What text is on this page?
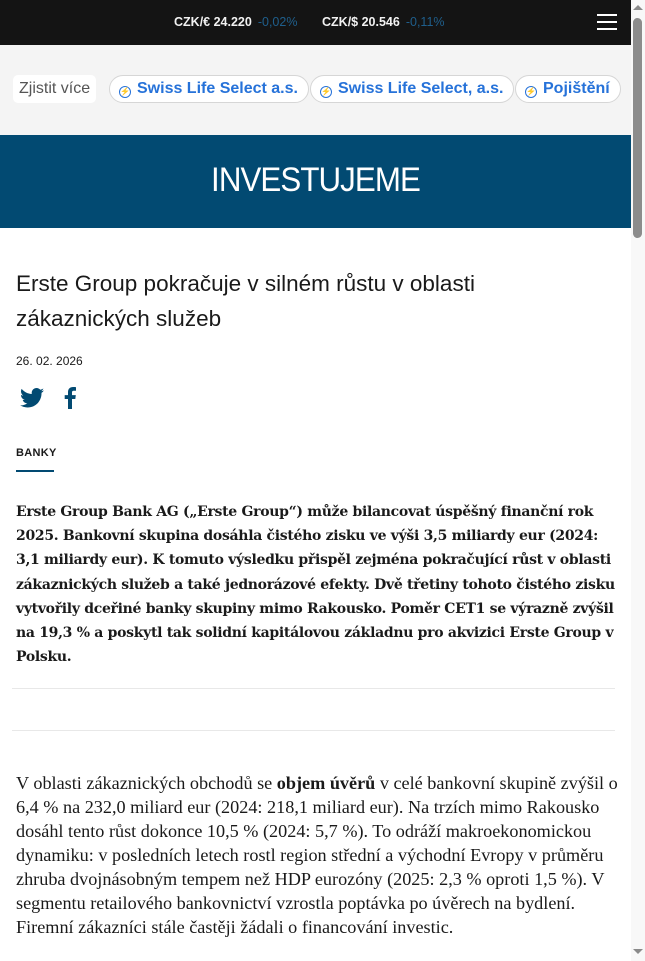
CZK/€ 24.220 -0,02% CZK/$ 20.546 -0,11%
Zjistit více	⚡ Swiss Life Select a.s.	⚡ Swiss Life Select, a.s.	⚡ Pojištění
INVESTUJEME
Erste Group pokračuje v silném růstu v oblasti zákaznických služeb
26. 02. 2026
BANKY

Erste Group Bank AG („Erste Group“) může bilancovat úspěšný finanční rok 2025. Bankovní skupina dosáhla čistého zisku ve výši 3,5 miliardy eur (2024: 3,1 miliardy eur). K tomuto výsledku přispěl zejména pokračující růst v oblasti zákaznických služeb a také jednorázové efekty. Dvě třetiny tohoto čistého zisku vytvořily dceřiné banky skupiny mimo Rakousko. Poměr CET1 se výrazně zvýšil na 19,3 % a poskytl tak solidní kapitálovou základnu pro akvizici Erste Group v Polsku.

V oblasti zákaznických obchodů se objem úvěrů v celé bankovní skupině zvýšil o 6,4 % na 232,0 miliard eur (2024: 218,1 miliard eur). Na trzích mimo Rakousko dosáhl tento růst dokonce 10,5 % (2024: 5,7 %). To odráží makroekonomickou dynamiku: v posledních letech rostl region střední a východní Evropy v průměru zhruba dvojnásobným tempem než HDP eurozóny (2025: 2,3 % oproti 1,5 %). V segmentu retailového bankovnictví vzrostla poptávka po úvěrech na bydlení. Firemní zákazníci stále častěji žádali o financování investic.
